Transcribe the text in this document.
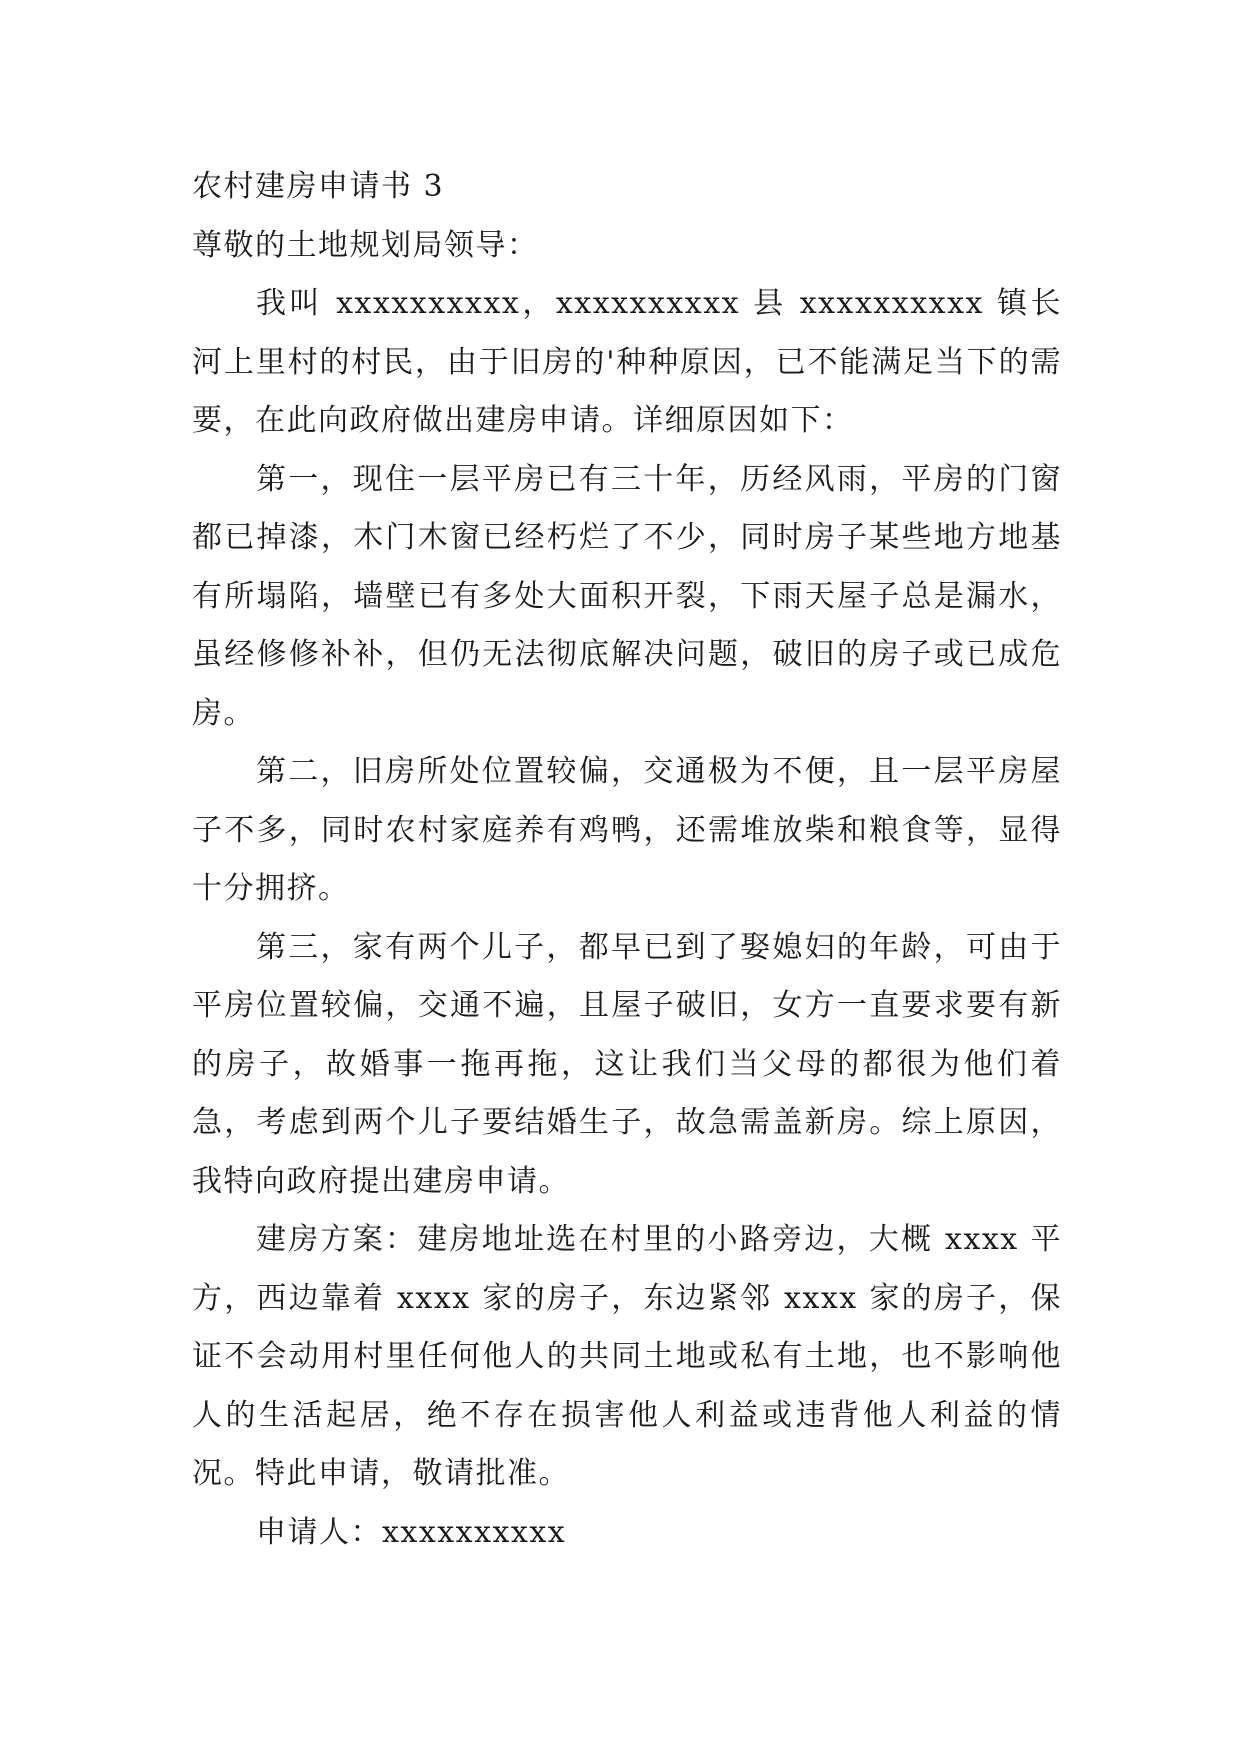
农村建房申请书 3

尊敬的土地规划局领导：

我叫 xxxxxxxxxx，xxxxxxxxxx 县 xxxxxxxxxx 镇长河上里村的村民，由于旧房的'种种原因，已不能满足当下的需要，在此向政府做出建房申请。详细原因如下：

第一，现住一层平房已有三十年，历经风雨，平房的门窗都已掉漆，木门木窗已经朽烂了不少，同时房子某些地方地基有所塌陷，墙壁已有多处大面积开裂，下雨天屋子总是漏水，虽经修修补补，但仍无法彻底解决问题，破旧的房子或已成危房。

第二，旧房所处位置较偏，交通极为不便，且一层平房屋子不多，同时农村家庭养有鸡鸭，还需堆放柴和粮食等，显得十分拥挤。

第三，家有两个儿子，都早已到了娶媳妇的年龄，可由于平房位置较偏，交通不遍，且屋子破旧，女方一直要求要有新的房子，故婚事一拖再拖，这让我们当父母的都很为他们着急，考虑到两个儿子要结婚生子，故急需盖新房。综上原因，我特向政府提出建房申请。

建房方案：建房地址选在村里的小路旁边，大概 xxxx 平方，西边靠着 xxxx 家的房子，东边紧邻 xxxx 家的房子，保证不会动用村里任何他人的共同土地或私有土地，也不影响他人的生活起居，绝不存在损害他人利益或违背他人利益的情况。特此申请，敬请批准。

申请人：xxxxxxxxxx
